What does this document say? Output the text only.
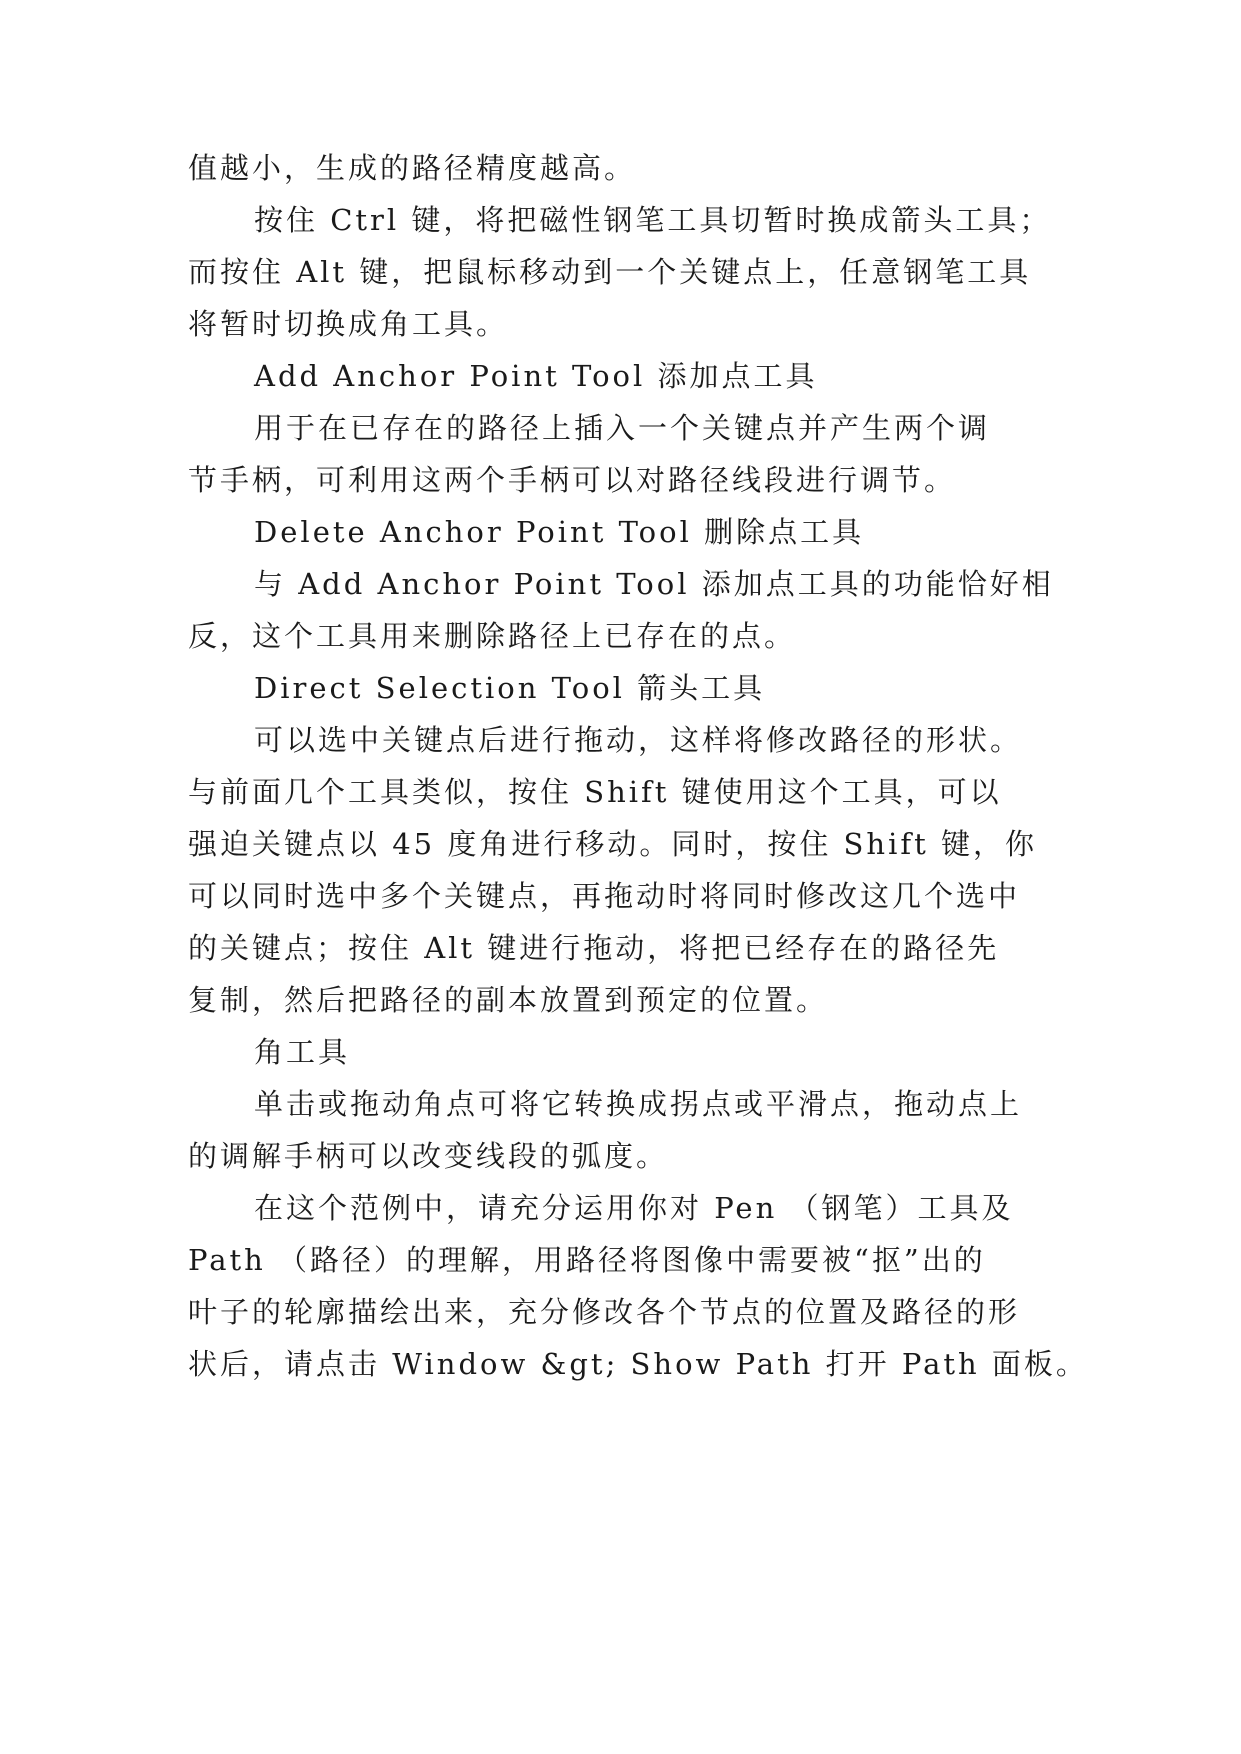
值越小，生成的路径精度越高。
按住 Ctrl 键，将把磁性钢笔工具切暂时换成箭头工具；
而按住 Alt 键，把鼠标移动到一个关键点上，任意钢笔工具
将暂时切换成角工具。
Add Anchor Point Tool 添加点工具
用于在已存在的路径上插入一个关键点并产生两个调
节手柄，可利用这两个手柄可以对路径线段进行调节。
Delete Anchor Point Tool 删除点工具
与 Add Anchor Point Tool 添加点工具的功能恰好相
反，这个工具用来删除路径上已存在的点。
Direct Selection Tool 箭头工具
可以选中关键点后进行拖动，这样将修改路径的形状。
与前面几个工具类似，按住 Shift 键使用这个工具，可以
强迫关键点以 45 度角进行移动。同时，按住 Shift 键，你
可以同时选中多个关键点，再拖动时将同时修改这几个选中
的关键点；按住 Alt 键进行拖动，将把已经存在的路径先
复制，然后把路径的副本放置到预定的位置。
角工具
单击或拖动角点可将它转换成拐点或平滑点，拖动点上
的调解手柄可以改变线段的弧度。
在这个范例中，请充分运用你对 Pen （钢笔）工具及
Path （路径）的理解，用路径将图像中需要被“抠”出的
叶子的轮廓描绘出来，充分修改各个节点的位置及路径的形
状后，请点击 Window &gt; Show Path 打开 Path 面板。
